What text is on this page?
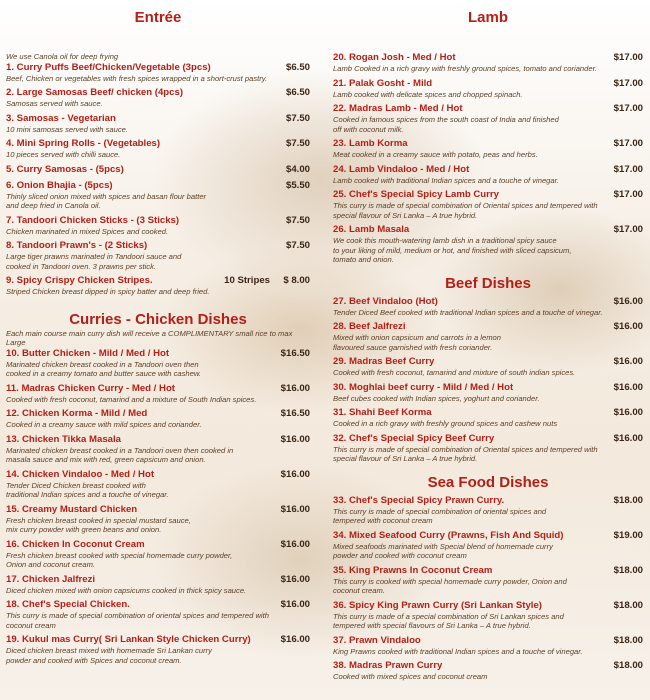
Entrée
We use Canola oil for deep frying
1. Curry Puffs Beef/Chicken/Vegetable (3pcs)	$6.50
Beef, Chicken or vegetables with fresh spices wrapped in a short-crust pastry.
2. Large Samosas Beef/ chicken (4pcs)	$6.50
Samosas served with sauce.
3. Samosas - Vegetarian	$7.50
10 mini samosas served with sauce.
4. Mini Spring Rolls - (Vegetables)	$7.50
10 pieces served with chilli sauce.
5. Curry Samosas - (5pcs)	$4.00
6. Onion Bhajia - (5pcs)	$5.50
Thinly sliced onion mixed with spices and basan flour batter
and deep fried in Canola oil.
7. Tandoori Chicken Sticks - (3 Sticks)	$7.50
Chicken marinated in mixed Spices and cooked.
8. Tandoori Prawn's - (2 Sticks)	$7.50
Large tiger prawns marinated in Tandoori sauce and
cooked in Tandoori oven. 3 prawns per stick.
9. Spicy Crispy Chicken Stripes.	10 Stripes $ 8.00
Striped Chicken breast dipped in spicy batter and deep fried.
Curries - Chicken Dishes
Each main course main curry dish will receive a COMPLIMENTARY small rice to max Large
10. Butter Chicken - Mild / Med / Hot	$16.50
Marinated chicken breast cooked in a Tandoori oven then
cooked in a creamy tomato and butter sauce with cashew.
11. Madras Chicken Curry - Med / Hot	$16.00
Cooked with fresh coconut, tamarind and a mixture of South Indian spices.
12. Chicken Korma - Mild / Med	$16.50
Cooked in a creamy sauce with mild spices and coriander.
13. Chicken Tikka Masala	$16.00
Marinated chicken breast cooked in a Tandoori oven then cooked in
masala sauce and mix with red, green capsicum and onion.
14. Chicken Vindaloo - Med / Hot	$16.00
Tender Diced Chicken breast cooked with
traditional Indian spices and a touche of vinegar.
15. Creamy Mustard Chicken	$16.00
Fresh chicken breast cooked in special mustard sauce,
mix curry powder with green beans and onion.
16. Chicken In Coconut Cream	$16.00
Fresh chicken breast cooked with special homemade curry powder,
Onion and coconut cream.
17. Chicken Jalfrezi	$16.00
Diced chicken mixed with onion capsicums cooked in thick spicy sauce.
18. Chef's Special Chicken.	$16.00
This curry is made of special combination of oriental spices and tempered with
coconut cream
19. Kukul mas Curry( Sri Lankan Style Chicken Curry)	$16.00
Diced chicken breast mixed with homemade Sri Lankan curry
powder and cooked with Spices and coconut cream.
Lamb
20. Rogan Josh - Med / Hot	$17.00
Lamb Cooked in a rich gravy with freshly ground spices, tomato and coriander.
21. Palak Gosht - Mild	$17.00
Lamb cooked with delicate spices and chopped spinach.
22. Madras Lamb - Med / Hot	$17.00
Cooked in famous spices from the south coast of India and finished
off with coconut milk.
23. Lamb Korma	$17.00
Meat cooked in a creamy sauce with potato, peas and herbs.
24. Lamb Vindaloo - Med / Hot	$17.00
Lamb cooked with traditional Indian spices and a touche of vinegar.
25. Chef's Special Spicy Lamb Curry	$17.00
This curry is made of special combination of Oriental spices and tempered with
special flavour of Sri Lanka – A true hybrid.
26. Lamb Masala	$17.00
We cook this mouth-watering lamb dish in a traditional spicy sauce
to your liking of mild, medium or hot, and finished with sliced capsicum,
tomato and onion.
Beef Dishes
27. Beef Vindaloo (Hot)	$16.00
Tender Diced Beef cooked with traditional Indian spices and a touche of vinegar.
28. Beef Jalfrezi	$16.00
Mixed with onion capsicum and carrots in a lemon
flavoured sauce garnished with fresh coriander.
29. Madras Beef Curry	$16.00
Cooked with fresh coconut, tamarind and mixture of south indian spices.
30. Moghlai beef curry - Mild / Med / Hot	$16.00
Beef cubes cooked with Indian spices, yoghurt and coriander.
31. Shahi Beef Korma	$16.00
Cooked in a rich gravy with freshly ground spices and cashew nuts
32. Chef's Special Spicy Beef Curry	$16.00
This curry is made of special combination of Oriental spices and tempered with
special flavour of Sri Lanka – A true hybrid.
Sea Food Dishes
33. Chef's Special Spicy Prawn Curry.	$18.00
This curry is made of special combination of oriental spices and
tempered with coconut cream
34. Mixed Seafood Curry (Prawns, Fish And Squid)	$19.00
Mixed seafoods marinated with Special blend of homemade curry
powder and cooked with coconut cream
35. King Prawns In Coconut Cream	$18.00
This curry is cooked with special homemade curry powder, Onion and
coconut cream.
36. Spicy King Prawn Curry (Sri Lankan Style)	$18.00
This curry is made of a special combination of Sri Lankan spices and
tempered with special flavours of Sri Lanka – A true hybrid.
37. Prawn Vindaloo	$18.00
King Prawns cooked with traditional Indian spices and a touche of vinegar.
38. Madras Prawn Curry	$18.00
Cooked with mixed spices and coconut cream
